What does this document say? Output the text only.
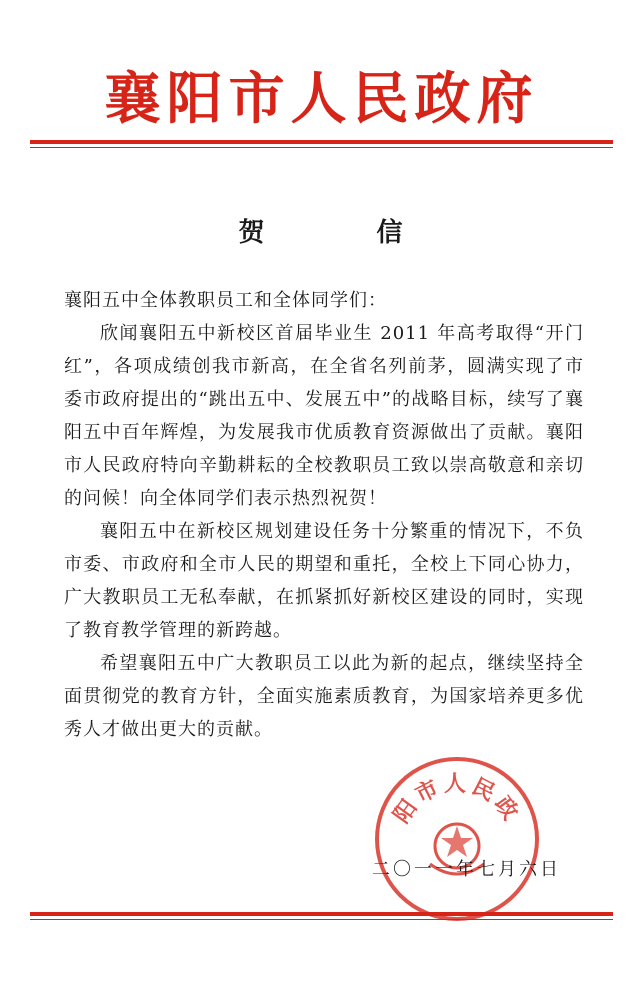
襄阳市人民政府
贺	信

襄阳五中全体教职员工和全体同学们：

欣闻襄阳五中新校区首届毕业生 2011 年高考取得“开门红”，各项成绩创我市新高，在全省名列前茅，圆满实现了市委市政府提出的“跳出五中、发展五中”的战略目标，续写了襄阳五中百年辉煌，为发展我市优质教育资源做出了贡献。襄阳市人民政府特向辛勤耕耘的全校教职员工致以崇高敬意和亲切的问候！向全体同学们表示热烈祝贺！

襄阳五中在新校区规划建设任务十分繁重的情况下，不负市委、市政府和全市人民的期望和重托，全校上下同心协力，广大教职员工无私奉献，在抓紧抓好新校区建设的同时，实现了教育教学管理的新跨越。

希望襄阳五中广大教职员工以此为新的起点，继续坚持全面贯彻党的教育方针，全面实施素质教育，为国家培养更多优秀人才做出更大的贡献。

阳市人民政
二〇一一年七月六日
